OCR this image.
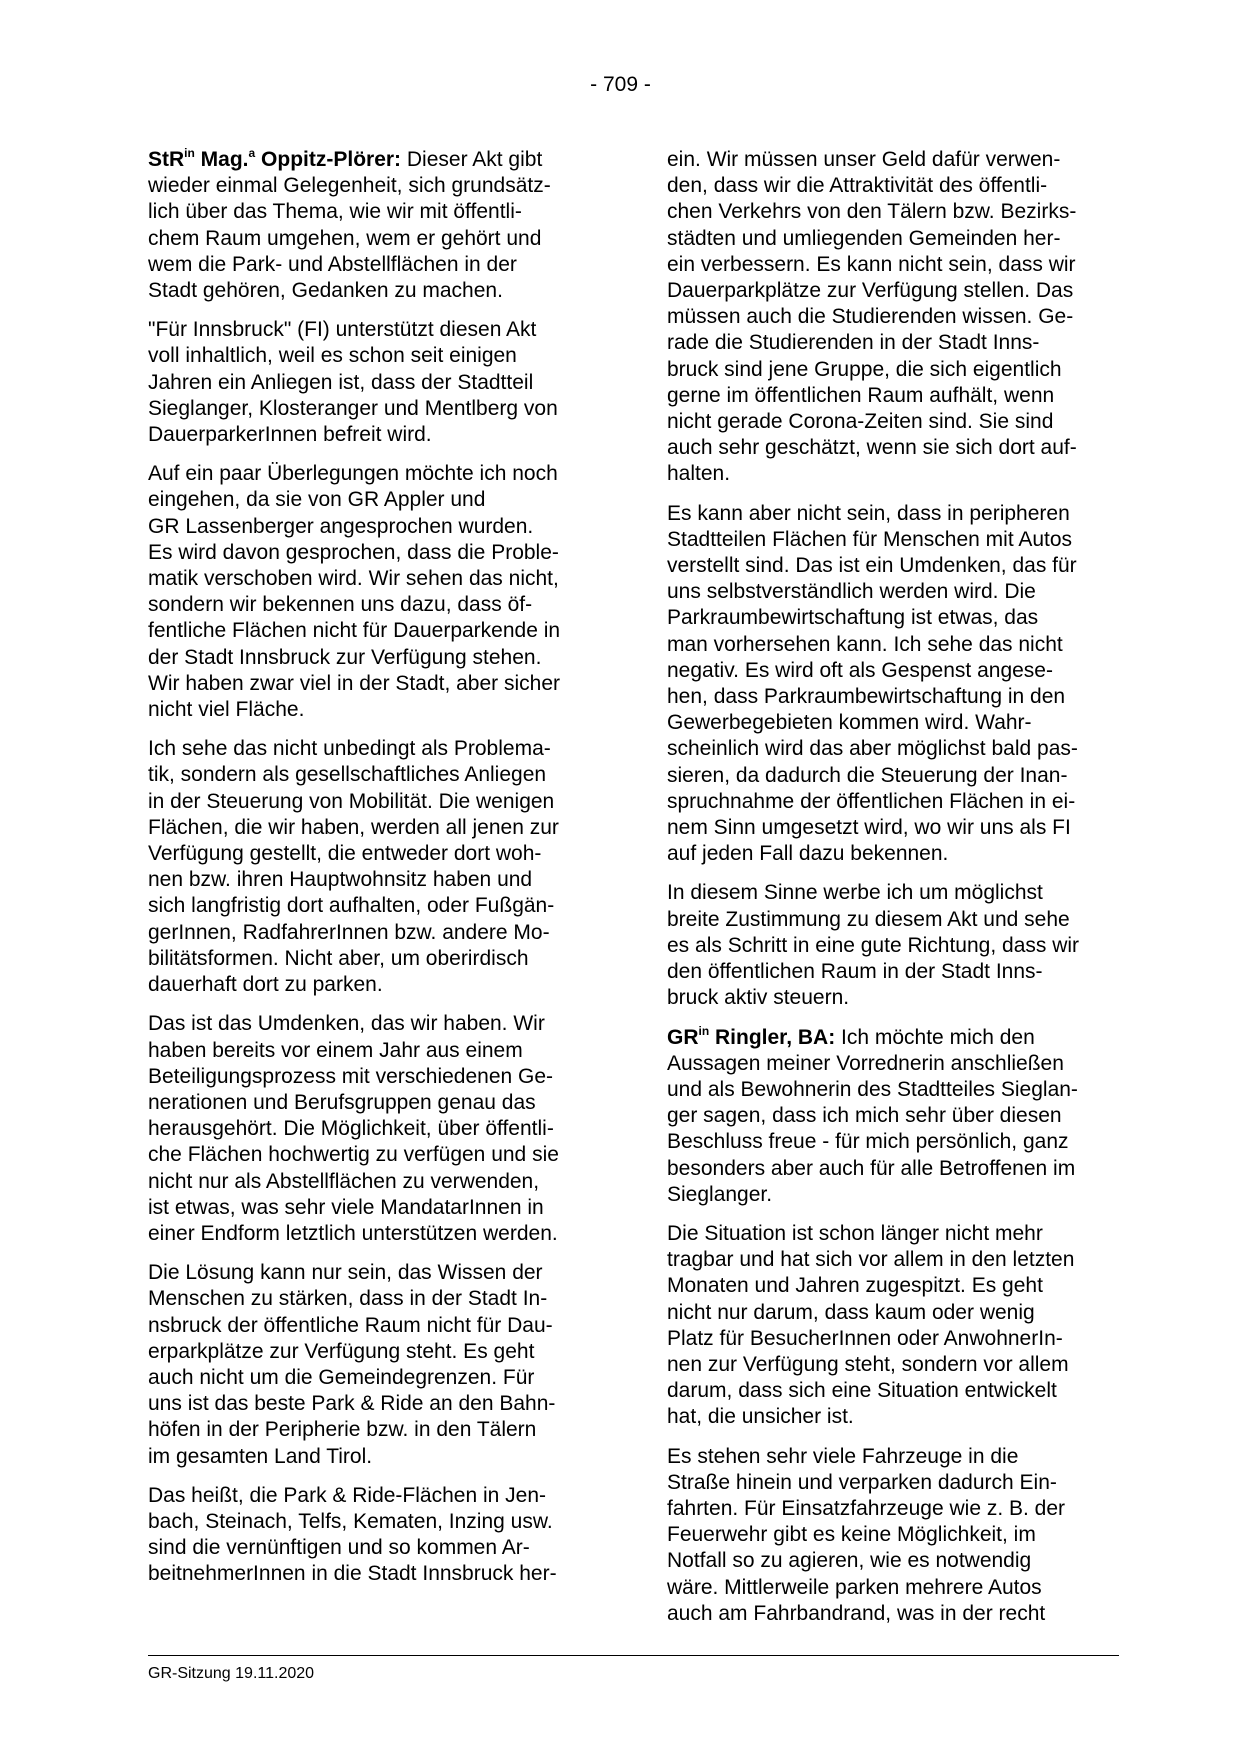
- 709 -
StR$^{in}$ Mag.$^a$ Oppitz-Plörer: Dieser Akt gibt
wieder einmal Gelegenheit, sich grundsätz-
lich über das Thema, wie wir mit öffentli-
chem Raum umgehen, wem er gehört und
wem die Park- und Abstellflächen in der
Stadt gehören, Gedanken zu machen.
"Für Innsbruck" (FI) unterstützt diesen Akt
voll inhaltlich, weil es schon seit einigen
Jahren ein Anliegen ist, dass der Stadtteil
Sieglanger, Klosteranger und Mentlberg von
DauerparkerInnen befreit wird.
Auf ein paar Überlegungen möchte ich noch
eingehen, da sie von GR Appler und
GR Lassenberger angesprochen wurden.
Es wird davon gesprochen, dass die Proble-
matik verschoben wird. Wir sehen das nicht,
sondern wir bekennen uns dazu, dass öf-
fentliche Flächen nicht für Dauerparkende in
der Stadt Innsbruck zur Verfügung stehen.
Wir haben zwar viel in der Stadt, aber sicher
nicht viel Fläche.
Ich sehe das nicht unbedingt als Problema-
tik, sondern als gesellschaftliches Anliegen
in der Steuerung von Mobilität. Die wenigen
Flächen, die wir haben, werden all jenen zur
Verfügung gestellt, die entweder dort woh-
nen bzw. ihren Hauptwohnsitz haben und
sich langfristig dort aufhalten, oder Fußgän-
gerInnen, RadfahrerInnen bzw. andere Mo-
bilitätsformen. Nicht aber, um oberirdisch
dauerhaft dort zu parken.
Das ist das Umdenken, das wir haben. Wir
haben bereits vor einem Jahr aus einem
Beteiligungsprozess mit verschiedenen Ge-
nerationen und Berufsgruppen genau das
herausgehört. Die Möglichkeit, über öffentli-
che Flächen hochwertig zu verfügen und sie
nicht nur als Abstellflächen zu verwenden,
ist etwas, was sehr viele MandatarInnen in
einer Endform letztlich unterstützen werden.
Die Lösung kann nur sein, das Wissen der
Menschen zu stärken, dass in der Stadt In-
nsbruck der öffentliche Raum nicht für Dau-
erparkplätze zur Verfügung steht. Es geht
auch nicht um die Gemeindegrenzen. Für
uns ist das beste Park & Ride an den Bahn-
höfen in der Peripherie bzw. in den Tälern
im gesamten Land Tirol.
Das heißt, die Park & Ride-Flächen in Jen-
bach, Steinach, Telfs, Kematen, Inzing usw.
sind die vernünftigen und so kommen Ar-
beitnehmerInnen in die Stadt Innsbruck her-
ein. Wir müssen unser Geld dafür verwen-
den, dass wir die Attraktivität des öffentli-
chen Verkehrs von den Tälern bzw. Bezirks-
städten und umliegenden Gemeinden her-
ein verbessern. Es kann nicht sein, dass wir
Dauerparkplätze zur Verfügung stellen. Das
müssen auch die Studierenden wissen. Ge-
rade die Studierenden in der Stadt Inns-
bruck sind jene Gruppe, die sich eigentlich
gerne im öffentlichen Raum aufhält, wenn
nicht gerade Corona-Zeiten sind. Sie sind
auch sehr geschätzt, wenn sie sich dort auf-
halten.
Es kann aber nicht sein, dass in peripheren
Stadtteilen Flächen für Menschen mit Autos
verstellt sind. Das ist ein Umdenken, das für
uns selbstverständlich werden wird. Die
Parkraumbewirtschaftung ist etwas, das
man vorhersehen kann. Ich sehe das nicht
negativ. Es wird oft als Gespenst angese-
hen, dass Parkraumbewirtschaftung in den
Gewerbegebieten kommen wird. Wahr-
scheinlich wird das aber möglichst bald pas-
sieren, da dadurch die Steuerung der Inan-
spruchnahme der öffentlichen Flächen in ei-
nem Sinn umgesetzt wird, wo wir uns als FI
auf jeden Fall dazu bekennen.
In diesem Sinne werbe ich um möglichst
breite Zustimmung zu diesem Akt und sehe
es als Schritt in eine gute Richtung, dass wir
den öffentlichen Raum in der Stadt Inns-
bruck aktiv steuern.
$GR^{in}$ Ringler, BA: Ich möchte mich den
Aussagen meiner Vorrednerin anschließen
und als Bewohnerin des Stadtteiles Sieglan-
ger sagen, dass ich mich sehr über diesen
Beschluss freue - für mich persönlich, ganz
besonders aber auch für alle Betroffenen im
Sieglanger.
Die Situation ist schon länger nicht mehr
tragbar und hat sich vor allem in den letzten
Monaten und Jahren zugespitzt. Es geht
nicht nur darum, dass kaum oder wenig
Platz für BesucherInnen oder AnwohnerIn-
nen zur Verfügung steht, sondern vor allem
darum, dass sich eine Situation entwickelt
hat, die unsicher ist.
Es stehen sehr viele Fahrzeuge in die
Straße hinein und verparken dadurch Ein-
fahrten. Für Einsatzfahrzeuge wie z. B. der
Feuerwehr gibt es keine Möglichkeit, im
Notfall so zu agieren, wie es notwendig
wäre. Mittlerweile parken mehrere Autos
auch am Fahrbandrand, was in der recht
GR-Sitzung 19.11.2020
